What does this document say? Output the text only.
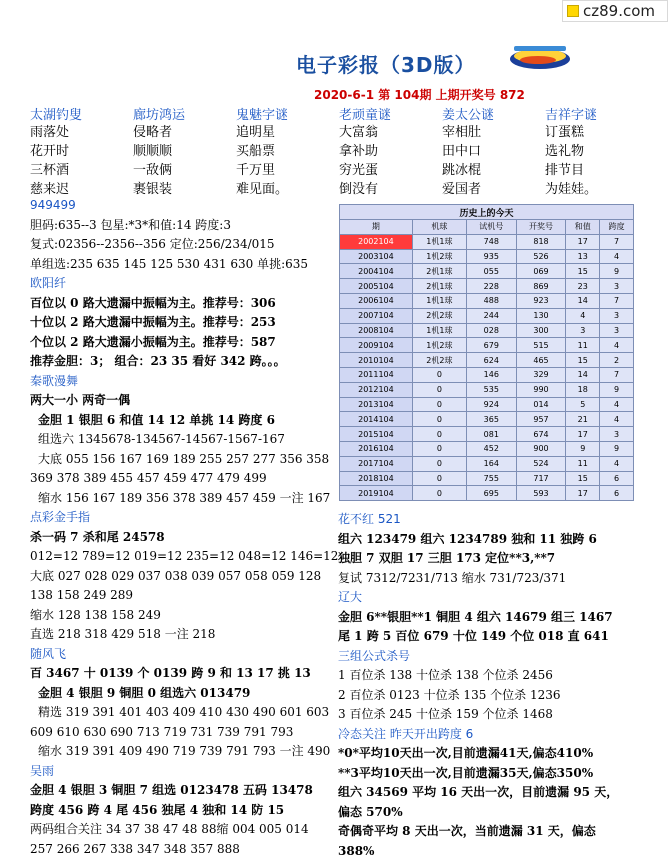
cz89.com
电子彩报（3D版）
2020-6-1 第 104期 上期开奖号 872
太湖钓叟	廊坊鸿运	鬼魅字谜	老顽童谜	姜太公谜	吉祥字谜
雨落处	侵略者	追明星	大富翁	宰相肚	订蛋糕
花开时	顺顺顺	买船票	拿补助	田中口	选礼物
三杯酒	一敌俩	千万里	穷光蛋	跳冰棍	排节目
慈来迟	裹银装	难见面。	倒没有	爱国者	为娃娃。
949499
胆码:635--3 包星:*3*和值:14 跨度:3
复式:02356--2356--356 定位:256/234/015
单组选:235 635 145 125 530 431 630 单挑:635
欧阳纤
百位以 0 路大遗漏中振幅为主。推荐号：306
十位以 2 路大遗漏中振幅为主。推荐号：253
个位以 2 路大遗漏小振幅为主。推荐号：587
推荐金胆：3； 组合：23 35 看好 342 跨。。。
秦歌漫舞
两大一小 两奇一偶
金胆 1 银胆 6 和值 14 12 单挑 14 跨度 6
组选六 1345678-134567-14567-1567-167
大底 055 156 167 169 189 255 257 277 356 358
369 378 389 455 457 459 477 479 499
缩水 156 167 189 356 378 389 457 459 一注 167
点彩金手指
杀一码 7 杀和尾 24578
012=12 789=12 019=12 235=12 048=12 146=12
大底 027 028 029 037 038 039 057 058 059 128
138 158 249 289
缩水 128 138 158 249
直选 218 318 429 518 一注 218
随风飞
百 3467 十 0139 个 0139 跨 9 和 13 17 挑 13
金胆 4 银胆 9 铜胆 0 组选六 013479
精选 319 391 401 403 409 410 430 490 601 603
609 610 630 690 713 719 731 739 791 793
缩水 319 391 409 490 719 739 791 793 一注 490
吴雨
金胆 4 银胆 3 铜胆 7 组选 0123478 五码 13478
跨度 456 跨 4 尾 456 独尾 4 独和 14 防 15
两码组合关注 34 37 38 47 48 88缩 004 005 014
257 266 267 338 347 348 357 888
历史上的今天					
期	机球	试机号	开奖号	和值	跨度
2002104	1机1球	748	818	17	7
2003104	1机2球	935	526	13	4
2004104	2机1球	055	069	15	9
2005104	2机1球	228	869	23	3
2006104	1机1球	488	923	14	7
2007104	2机2球	244	130	4	3
2008104	1机1球	028	300	3	3
2009104	1机2球	679	515	11	4
2010104	2机2球	624	465	15	2
2011104	0	146	329	14	7
2012104	0	535	990	18	9
2013104	0	924	014	5	4
2014104	0	365	957	21	4
2015104	0	081	674	17	3
2016104	0	452	900	9	9
2017104	0	164	524	11	4
2018104	0	755	717	15	6
2019104	0	695	593	17	6
花不红 521
组六 123479 组六 1234789 独和 11 独跨 6
独胆 7 双胆 17 三胆 173 定位**3,**7
复试 7312/7231/713 缩水 731/723/371
辽大
金胆 6**银胆**1 铜胆 4 组六 14679 组三 1467
尾 1 跨 5 百位 679 十位 149 个位 018 直 641
三组公式杀号
1 百位杀 138 十位杀 138 个位杀 2456
2 百位杀 0123 十位杀 135 个位杀 1236
3 百位杀 245 十位杀 159 个位杀 1468
冷态关注 昨天开出跨度 6
*0*平均10天出一次,目前遗漏41天,偏态410%
**3平均10天出一次,目前遗漏35天,偏态350%
组六 34569 平均 16 天出一次，目前遗漏 95 天，
偏态 570%
奇偶奇平均 8 天出一次，当前遗漏 31 天，偏态
388%
